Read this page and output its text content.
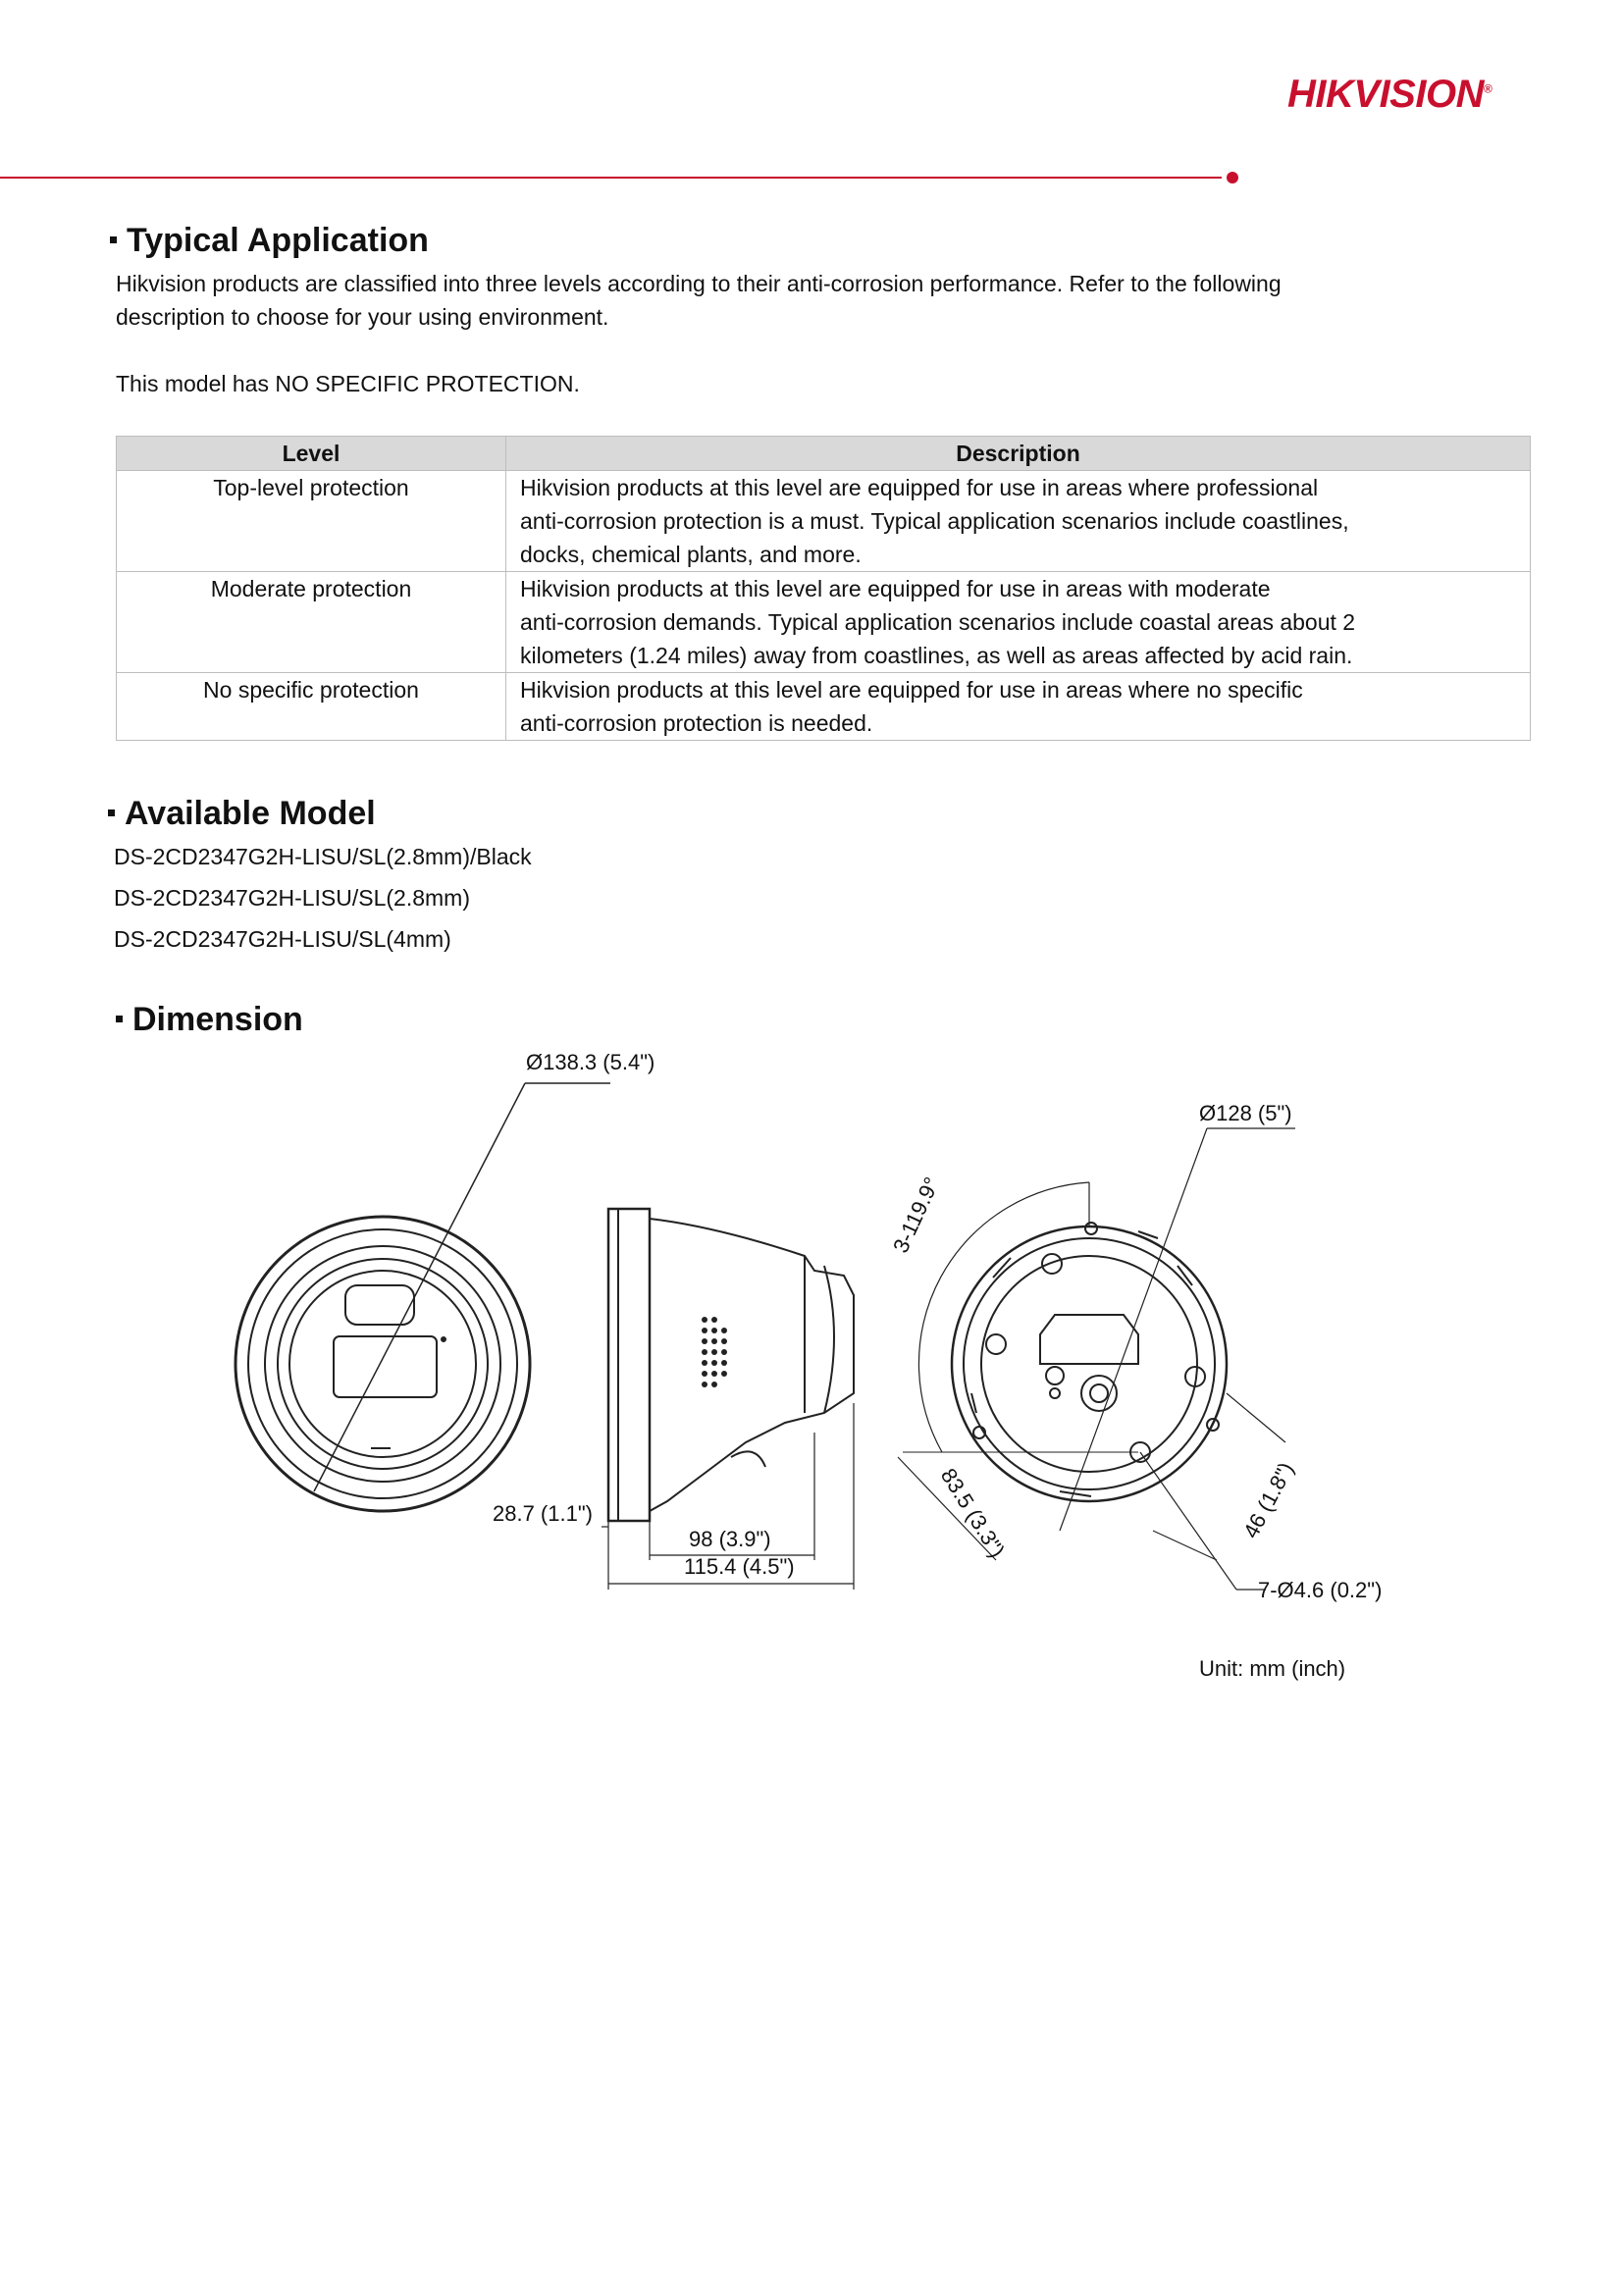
HIKVISION®
Typical Application
Hikvision products are classified into three levels according to their anti-corrosion performance. Refer to the following
description to choose for your using environment.
This model has NO SPECIFIC PROTECTION.
Level	Description
Top-level protection	Hikvision products at this level are equipped for use in areas where professional
anti-corrosion protection is a must. Typical application scenarios include coastlines,
docks, chemical plants, and more.

Moderate protection	Hikvision products at this level are equipped for use in areas with moderate
anti-corrosion demands. Typical application scenarios include coastal areas about 2
kilometers (1.24 miles) away from coastlines, as well as areas affected by acid rain.

No specific protection	Hikvision products at this level are equipped for use in areas where no specific
anti-corrosion protection is needed.
Available Model
DS-2CD2347G2H-LISU/SL(2.8mm)/Black
DS-2CD2347G2H-LISU/SL(2.8mm)
DS-2CD2347G2H-LISU/SL(4mm)
Dimension
Ø138.3 (5.4")
Ø128 (5")
3-119.9°
28.7 (1.1")
98 (3.9")
115.4 (4.5")
83.5 (3.3")	46 (1.8")
7-Ø4.6 (0.2")
Unit: mm (inch)
